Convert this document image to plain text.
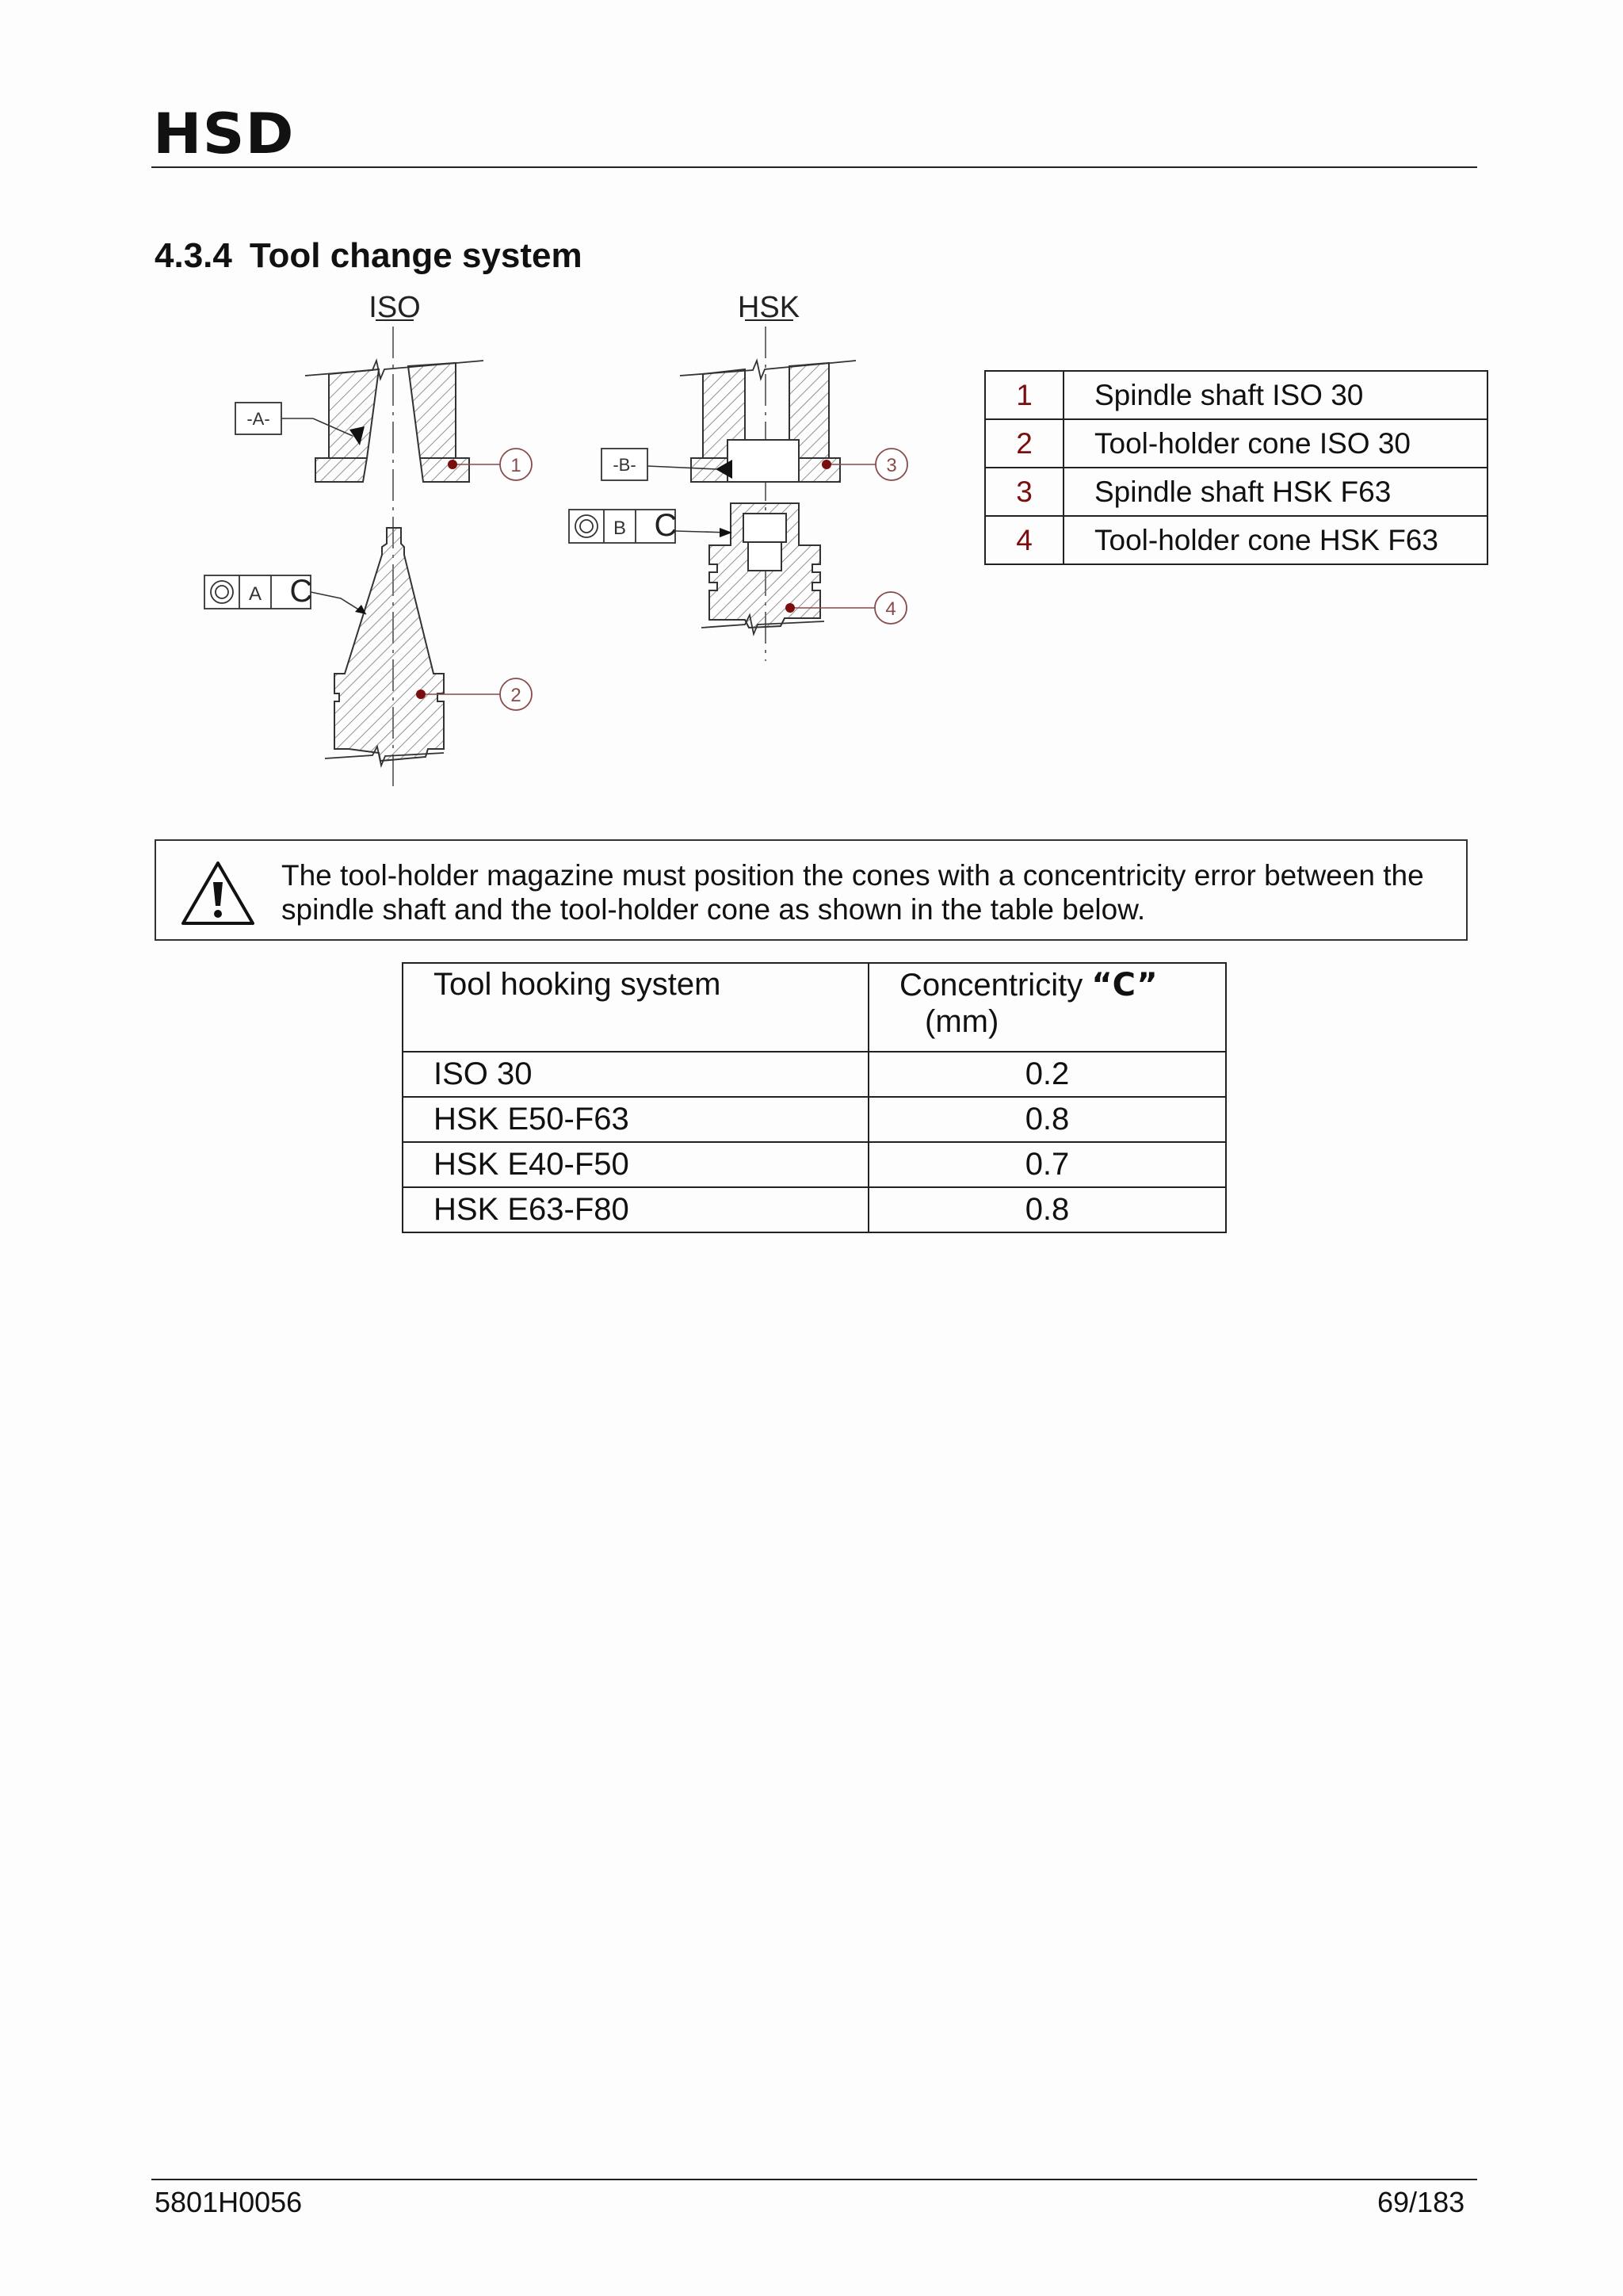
HSD
4.3.4 Tool change system
ISO
-A-
1
A C
2
HSK
-B-	3
B C
4
1	Spindle shaft ISO 30
2	Tool-holder cone ISO 30
3	Spindle shaft HSK F63
4	Tool-holder cone HSK F63
The tool-holder magazine must position the cones with a concentricity error between the spindle shaft and the tool-holder cone as shown in the table below.
Tool hooking system	Concentricity “C”
(mm)
ISO 30	0.2
HSK E50-F63	0.8
HSK E40-F50	0.7
HSK E63-F80	0.8
5801H0056	69/183
